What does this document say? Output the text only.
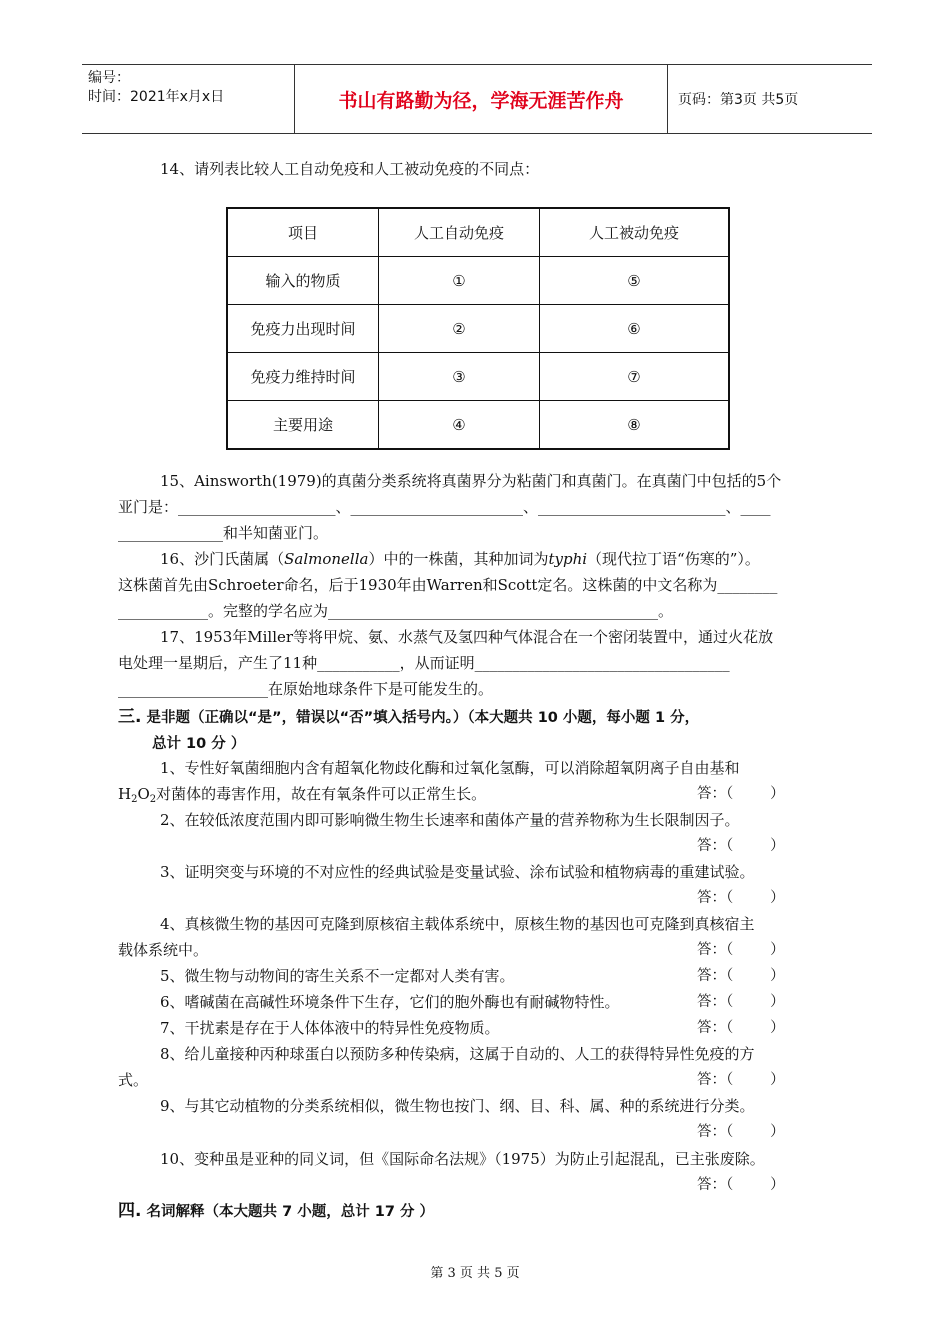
编号：
时间：2021年x月x日	书山有路勤为径，学海无涯苦作舟	页码：第3页 共5页
14、请列表比较人工自动免疫和人工被动免疫的不同点：
项目	人工自动免疫	人工被动免疫
输入的物质	①	⑤
免疫力出现时间	②	⑥
免疫力维持时间	③	⑦
主要用途	④	⑧
15、Ainsworth(1979)的真菌分类系统将真菌界分为粘菌门和真菌门。在真菌门中包括的5个
亚门是：_____________________、_______________________、_________________________、____
______________和半知菌亚门。
16、沙门氏菌属（Salmonella）中的一株菌，其种加词为typhi（现代拉丁语“伤寒的”）。
这株菌首先由Schroeter命名，后于1930年由Warren和Scott定名。这株菌的中文名称为________
____________。完整的学名应为____________________________________________。
17、1953年Miller等将甲烷、氨、水蒸气及氢四种气体混合在一个密闭装置中，通过火花放
电处理一星期后，产生了11种___________，从而证明__________________________________
____________________在原始地球条件下是可能发生的。
三. 是非题（正确以“是”，错误以“否”填入括号内。）（本大题共 10 小题，每小题 1 分，
总计 10 分 ）
1、专性好氧菌细胞内含有超氧化物歧化酶和过氧化氢酶，可以消除超氧阴离子自由基和
$H_2O_2$对菌体的毒害作用，故在有氧条件可以正常生长。	答：（        ）
2、在较低浓度范围内即可影响微生物生长速率和菌体产量的营养物称为生长限制因子。
答：（        ）
3、证明突变与环境的不对应性的经典试验是变量试验、涂布试验和植物病毒的重建试验。
答：（        ）
4、真核微生物的基因可克隆到原核宿主载体系统中，原核生物的基因也可克隆到真核宿主
载体系统中。	答：（        ）
5、微生物与动物间的寄生关系不一定都对人类有害。	答：（        ）
6、嗜碱菌在高碱性环境条件下生存，它们的胞外酶也有耐碱物特性。	答：（        ）
7、干扰素是存在于人体体液中的特异性免疫物质。	答：（        ）
8、给儿童接种丙种球蛋白以预防多种传染病，这属于自动的、人工的获得特异性免疫的方
式。	答：（        ）
9、与其它动植物的分类系统相似，微生物也按门、纲、目、科、属、种的系统进行分类。
答：（        ）
10、变种虽是亚种的同义词，但《国际命名法规》（1975）为防止引起混乱，已主张废除。
答：（        ）
四. 名词解释（本大题共 7 小题，总计 17 分 ）
第 3 页 共 5 页
